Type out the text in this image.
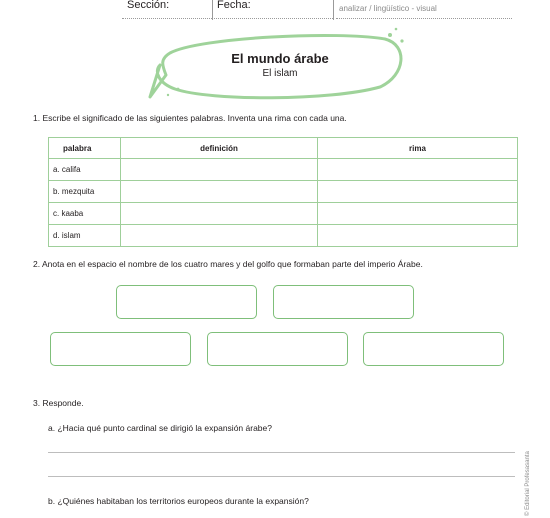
Sección:	Fecha:	analizar / lingüístico - visual
El mundo árabe
El islam
1. Escribe el significado de las siguientes palabras. Inventa una rima con cada una.
palabra	definición	rima
a. califa		
b. mezquita		
c. kaaba		
d. islam		
2. Anota en el espacio el nombre de los cuatro mares y del golfo que formaban parte del imperio Árabe.
3. Responde.
a. ¿Hacia qué punto cardinal se dirigió la expansión árabe?
b. ¿Quiénes habitaban los territorios europeos durante la expansión?	© Editorial Profesasanta
